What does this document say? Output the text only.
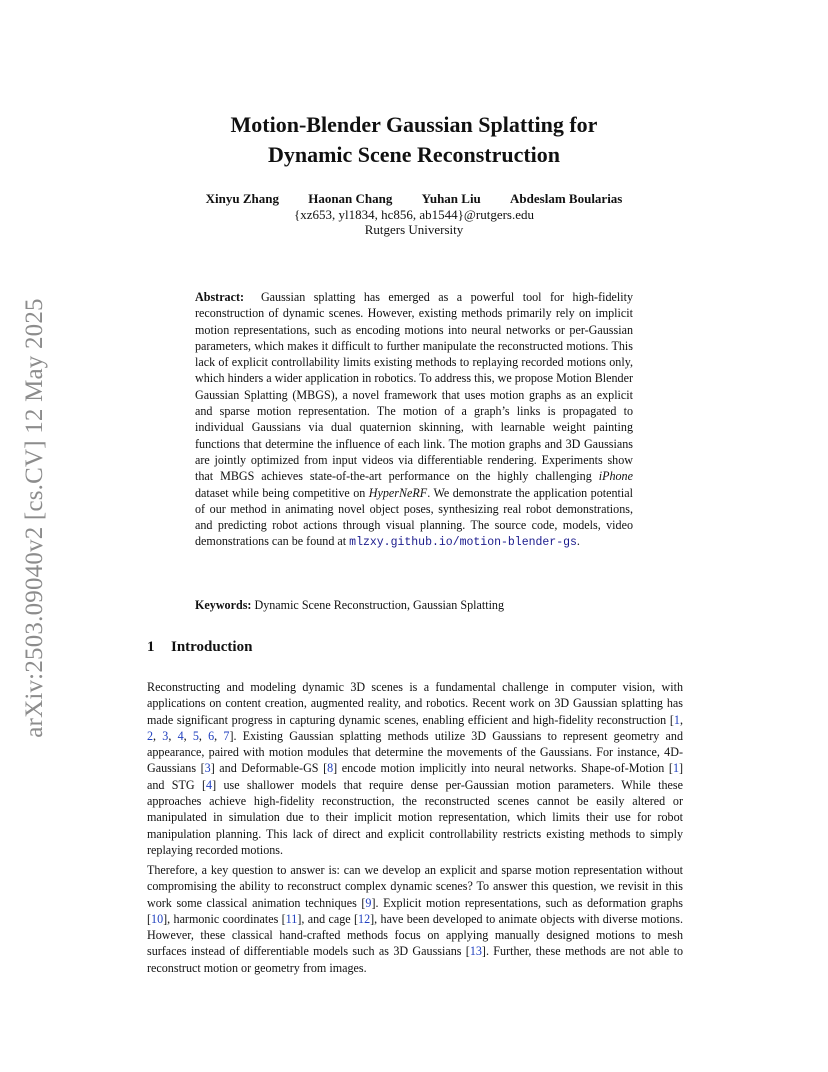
arXiv:2503.09040v2 [cs.CV] 12 May 2025
Motion-Blender Gaussian Splatting for
Dynamic Scene Reconstruction
Xinyu Zhang Haonan Chang Yuhan Liu Abdeslam Boularias
{xz653, yl1834, hc856, ab1544}@rutgers.edu
Rutgers University

Abstract: Gaussian splatting has emerged as a powerful tool for high-fidelity reconstruction of dynamic scenes. However, existing methods primarily rely on implicit motion representations, such as encoding motions into neural networks or per-Gaussian parameters, which makes it difficult to further manipulate the reconstructed motions. This lack of explicit controllability limits existing methods to replaying recorded motions only, which hinders a wider application in robotics. To address this, we propose Motion Blender Gaussian Splatting (MBGS), a novel framework that uses motion graphs as an explicit and sparse motion representation. The motion of a graph’s links is propagated to individual Gaussians via dual quaternion skinning, with learnable weight painting functions that determine the influence of each link. The motion graphs and 3D Gaussians are jointly optimized from input videos via differentiable rendering. Experiments show that MBGS achieves state-of-the-art performance on the highly challenging iPhone dataset while being competitive on HyperNeRF. We demonstrate the application potential of our method in animating novel object poses, synthesizing real robot demonstrations, and predicting robot actions through visual planning. The source code, models, video demonstrations can be found at mlzxy.github.io/motion-blender-gs.

Keywords: Dynamic Scene Reconstruction, Gaussian Splatting

1 Introduction

Reconstructing and modeling dynamic 3D scenes is a fundamental challenge in computer vision, with applications on content creation, augmented reality, and robotics. Recent work on 3D Gaussian splatting has made significant progress in capturing dynamic scenes, enabling efficient and high-fidelity reconstruction [1, 2, 3, 4, 5, 6, 7]. Existing Gaussian splatting methods utilize 3D Gaussians to represent geometry and appearance, paired with motion modules that determine the movements of the Gaussians. For instance, 4D-Gaussians [3] and Deformable-GS [8] encode motion implicitly into neural networks. Shape-of-Motion [1] and STG [4] use shallower models that require dense per-Gaussian motion parameters. While these approaches achieve high-fidelity reconstruction, the reconstructed scenes cannot be easily altered or manipulated in simulation due to their implicit motion representation, which limits their use for robot manipulation planning. This lack of direct and explicit controllability restricts existing methods to simply replaying recorded motions.

Therefore, a key question to answer is: can we develop an explicit and sparse motion representation without compromising the ability to reconstruct complex dynamic scenes? To answer this question, we revisit in this work some classical animation techniques [9]. Explicit motion representations, such as deformation graphs [10], harmonic coordinates [11], and cage [12], have been developed to animate objects with diverse motions. However, these classical hand-crafted methods focus on applying manually designed motions to mesh surfaces instead of differentiable models such as 3D Gaussians [13]. Further, these methods are not able to reconstruct motion or geometry from images.
